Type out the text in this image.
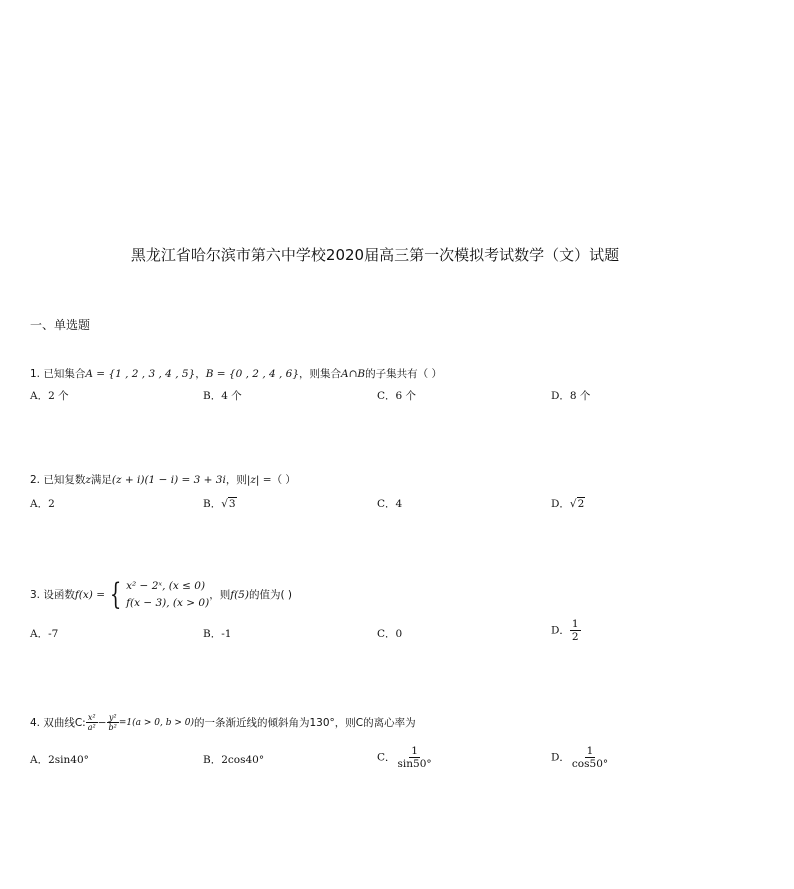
黑龙江省哈尔滨市第六中学校2020届高三第一次模拟考试数学（文）试题
一、单选题
1. 已知集合A = {1 , 2 , 3 , 4 , 5}，B = {0 , 2 , 4 , 6}，则集合A∩B的子集共有（ ）
A．2 个	B．4 个	C．6 个	D．8 个
2. 已知复数z满足(z + i)(1 − i) = 3 + 3i，则|z| =（ ）
A．2	B．√3	C．4	D．√2
3. 设函数 f(x) = { x² − 2ˣ, (x ≤ 0)
f(x − 3), (x > 0)
，则 f(5) 的值为( )
A．-7	B．-1	C．0	D． $\frac{1}{2}$
4. 双曲线C: $\frac{\text{x²}}{\text{a²}} - \frac{\text{y²}}{\text{b²}} =1(a > 0$, b > 0) 的一条渐近线的倾斜角为130°，则C的离心率为
A．2sin40°	B．2cos40°	C． $\frac{1}{\sin 50^\circ}$	D． $\frac{1}{\cos 50^\circ}$
